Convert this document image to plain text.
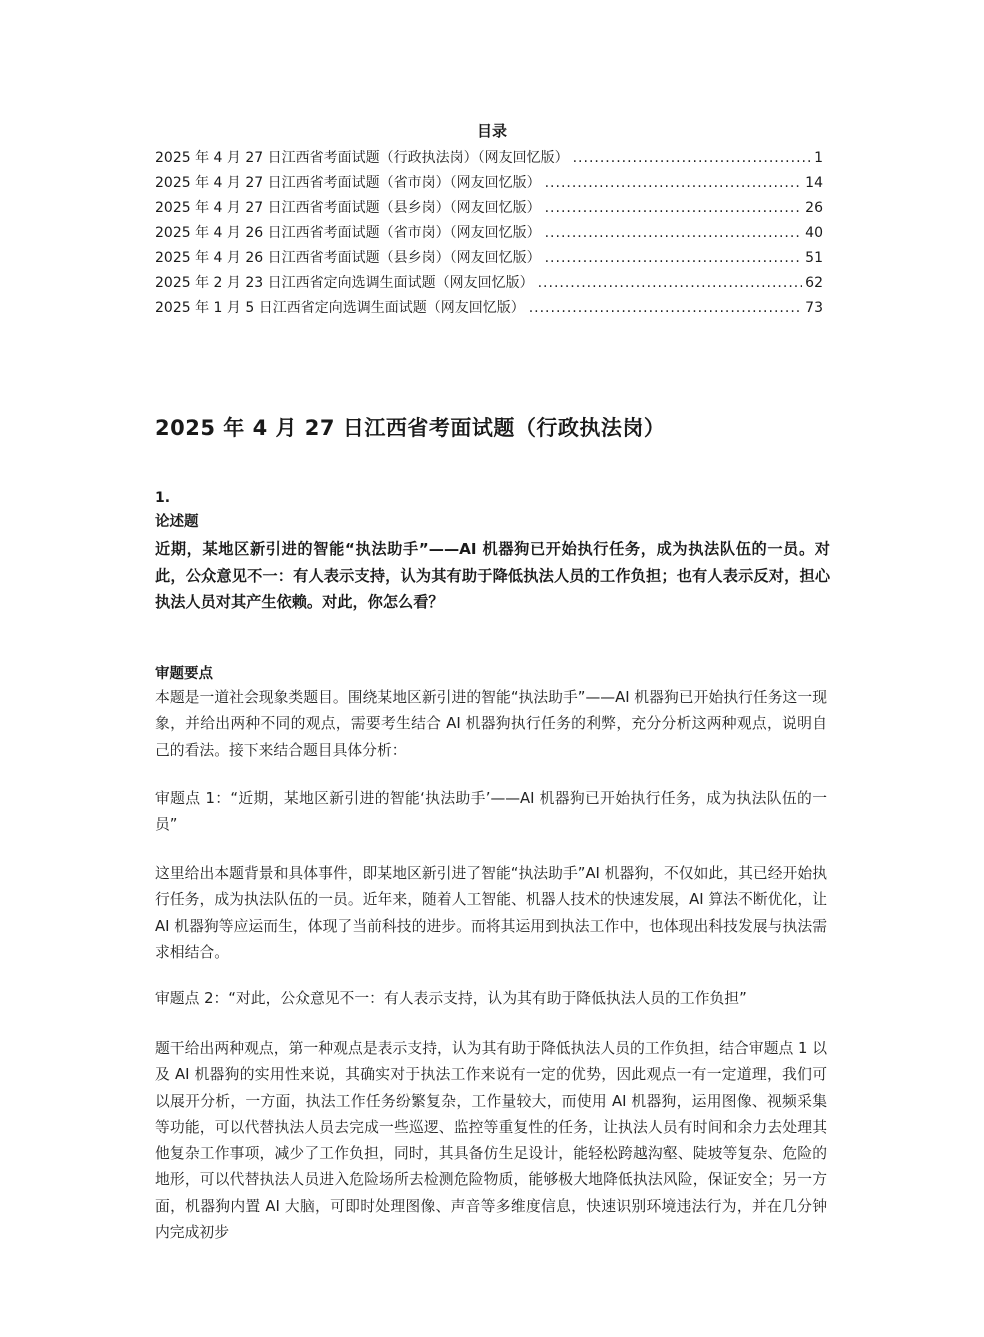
目录
2025 年 4 月 27 日江西省考面试题（行政执法岗）（网友回忆版） .....	1
2025 年 4 月 27 日江西省考面试题（省市岗）（网友回忆版） .....	14
2025 年 4 月 27 日江西省考面试题（县乡岗）（网友回忆版） .....	26
2025 年 4 月 26 日江西省考面试题（省市岗）（网友回忆版） .....	40
2025 年 4 月 26 日江西省考面试题（县乡岗）（网友回忆版） .....	51
2025 年 2 月 23 日江西省定向选调生面试题（网友回忆版） .....	62
2025 年 1 月 5 日江西省定向选调生面试题（网友回忆版） .....	73
2025 年 4 月 27 日江西省考面试题（行政执法岗）
1.
论述题
近期，某地区新引进的智能“执法助手”——AI 机器狗已开始执行任务，成为执法队伍的一员。对此，公众意见不一：有人表示支持，认为其有助于降低执法人员的工作负担；也有人表示反对，担心执法人员对其产生依赖。对此，你怎么看？
审题要点

本题是一道社会现象类题目。围绕某地区新引进的智能“执法助手”——AI 机器狗已开始执行任务这一现象，并给出两种不同的观点，需要考生结合 AI 机器狗执行任务的利弊，充分分析这两种观点，说明自己的看法。接下来结合题目具体分析：

审题点 1：“近期，某地区新引进的智能‘执法助手’——AI 机器狗已开始执行任务，成为执法队伍的一员”

这里给出本题背景和具体事件，即某地区新引进了智能“执法助手”AI 机器狗，不仅如此，其已经开始执行任务，成为执法队伍的一员。近年来，随着人工智能、机器人技术的快速发展，AI 算法不断优化，让 AI 机器狗等应运而生，体现了当前科技的进步。而将其运用到执法工作中，也体现出科技发展与执法需求相结合。

审题点 2：“对此，公众意见不一：有人表示支持，认为其有助于降低执法人员的工作负担”

题干给出两种观点，第一种观点是表示支持，认为其有助于降低执法人员的工作负担，结合审题点 1 以及 AI 机器狗的实用性来说，其确实对于执法工作来说有一定的优势，因此观点一有一定道理，我们可以展开分析，一方面，执法工作任务纷繁复杂，工作量较大，而使用 AI 机器狗，运用图像、视频采集等功能，可以代替执法人员去完成一些巡逻、监控等重复性的任务，让执法人员有时间和余力去处理其他复杂工作事项，减少了工作负担，同时，其具备仿生足设计，能轻松跨越沟壑、陡坡等复杂、危险的地形，可以代替执法人员进入危险场所去检测危险物质，能够极大地降低执法风险，保证安全；另一方面，机器狗内置 AI 大脑，可即时处理图像、声音等多维度信息，快速识别环境违法行为，并在几分钟内完成初步
